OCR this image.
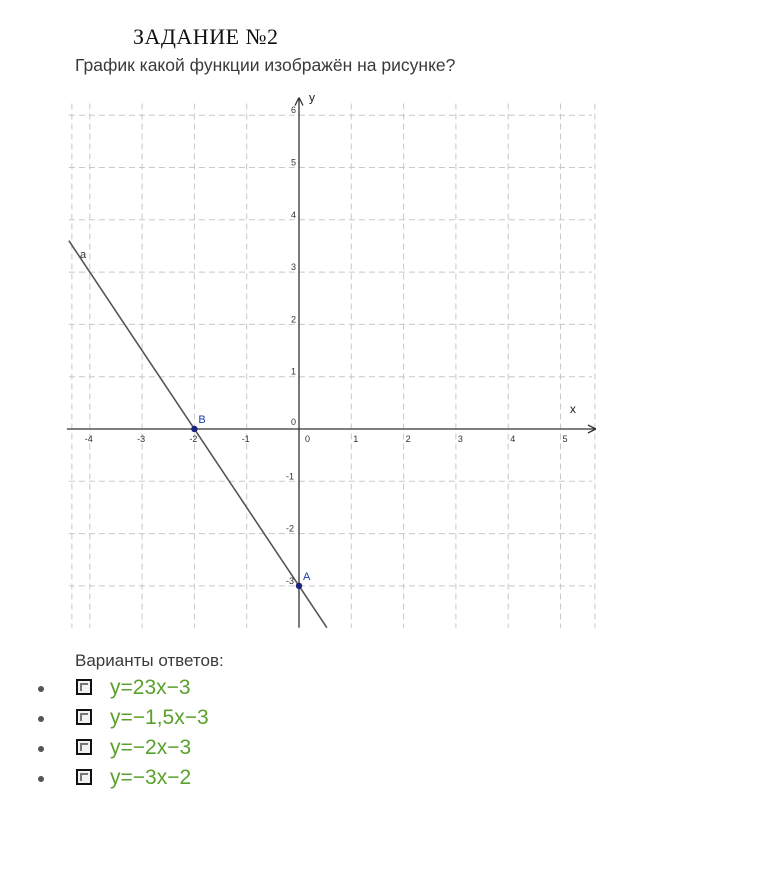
ЗАДАНИЕ №2
График какой функции изображён на рисунке?
x
y
-4	-3	-2	-1	0	1	2	3	4	5
1
2
3
4
5
6
-1
-2
-3
0
a
B
A
Варианты ответов:
y=23x−3
y=−1,5x−3
y=−2x−3
y=−3x−2
